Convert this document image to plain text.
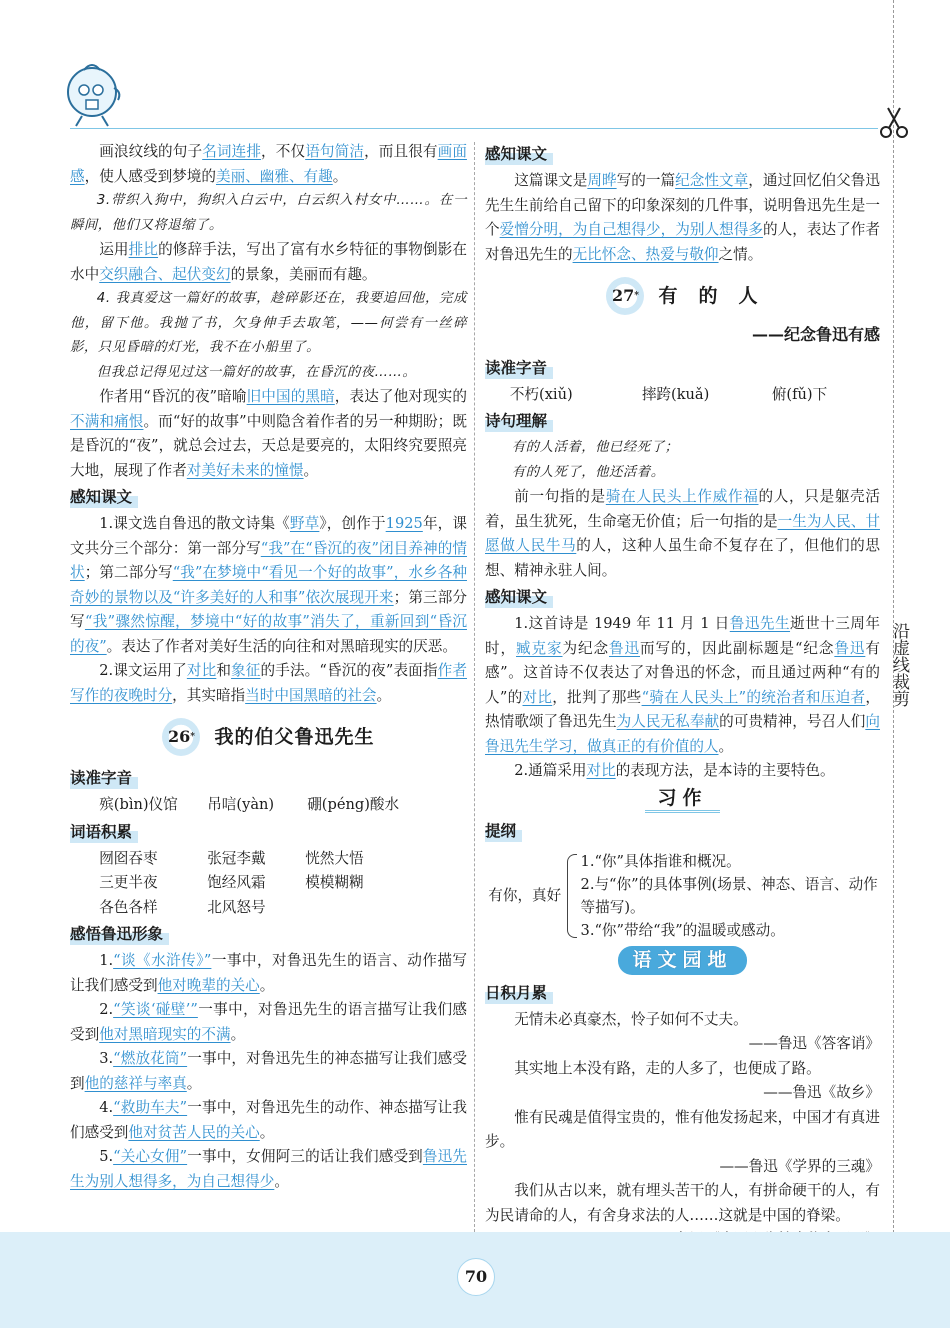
沿虚线裁剪

画浪纹线的句子名词连排，不仅语句简洁，而且很有画面感，使人感受到梦境的美丽、幽雅、有趣。

3.带织入狗中，狗织入白云中，白云织入村女中……。在一瞬间，他们又将退缩了。

运用排比的修辞手法，写出了富有水乡特征的事物倒影在水中交织融合、起伏变幻的景象，美丽而有趣。

4. 我真爱这一篇好的故事，趁碎影还在，我要追回他，完成他，留下他。我抛了书，欠身伸手去取笔，——何尝有一丝碎影，只见昏暗的灯光，我不在小船里了。

但我总记得见过这一篇好的故事，在昏沉的夜……。

作者用“昏沉的夜”暗喻旧中国的黑暗，表达了他对现实的不满和痛恨。而“好的故事”中则隐含着作者的另一种期盼；既是昏沉的“夜”，就总会过去，天总是要亮的，太阳终究要照亮大地，展现了作者对美好未来的憧憬。

感知课文

1.课文选自鲁迅的散文诗集《野草》，创作于1925年，课文共分三个部分：第一部分写“我”在“昏沉的夜”闭目养神的情状；第二部分写“我”在梦境中“看见一个好的故事”，水乡各种奇妙的景物以及“许多美好的人和事”依次展现开来；第三部分写“我”骤然惊醒，梦境中“好的故事”消失了，重新回到“昏沉的夜”。表达了作者对美好生活的向往和对黑暗现实的厌恶。

2.课文运用了对比和象征的手法。“昏沉的夜”表面指作者写作的夜晚时分，其实暗指当时中国黑暗的社会。

26 * 我的伯父鲁迅先生
读准字音
殡(bìn)仪馆	吊唁(yàn)	硼(péng)酸水
词语积累
囫囵吞枣	张冠李戴	恍然大悟
三更半夜	饱经风霜	模模糊糊
各色各样	北风怒号
感悟鲁迅形象

1.“谈《水浒传》”一事中，对鲁迅先生的语言、动作描写让我们感受到他对晚辈的关心。

2.“笑谈‘碰壁’”一事中，对鲁迅先生的语言描写让我们感受到他对黑暗现实的不满。

3.“燃放花筒”一事中，对鲁迅先生的神态描写让我们感受到他的慈祥与率真。

4.“救助车夫”一事中，对鲁迅先生的动作、神态描写让我们感受到他对贫苦人民的关心。

5.“关心女佣”一事中，女佣阿三的话让我们感受到鲁迅先生为别人想得多，为自己想得少。

感知课文

这篇课文是周晔写的一篇纪念性文章，通过回忆伯父鲁迅先生生前给自己留下的印象深刻的几件事，说明鲁迅先生是一个爱憎分明，为自己想得少，为别人想得多的人，表达了作者对鲁迅先生的无比怀念、热爱与敬仰之情。

27 * 有　的　人
——纪念鲁迅有感
读准字音
不朽(xiǔ)	摔跨(kuǎ)	俯(fǔ)下
诗句理解

有的人活着，他已经死了；

有的人死了，他还活着。

前一句指的是骑在人民头上作威作福的人，只是躯壳活着，虽生犹死，生命毫无价值；后一句指的是一生为人民、甘愿做人民牛马的人，这种人虽生命不复存在了，但他们的思想、精神永驻人间。

感知课文

1.这首诗是 1949 年 11 月 1 日鲁迅先生逝世十三周年时，臧克家为纪念鲁迅而写的，因此副标题是“纪念鲁迅有感”。这首诗不仅表达了对鲁迅的怀念，而且通过两种“有的人”的对比，批判了那些“骑在人民头上”的统治者和压迫者，热情歌颂了鲁迅先生为人民无私奉献的可贵精神，号召人们向鲁迅先生学习，做真正的有价值的人。

2.通篇采用对比的表现方法，是本诗的主要特色。

习作
提纲
有你，真好
1.“你”具体指谁和概况。
2.与“你”的具体事例(场景、神态、语言、动作等描写)。
3.“你”带给“我”的温暖或感动。
语文园地
日积月累

无情未必真豪杰，怜子如何不丈夫。

——鲁迅《答客诮》

其实地上本没有路，走的人多了，也便成了路。

——鲁迅《故乡》

惟有民魂是值得宝贵的，惟有他发扬起来，中国才有真进步。

——鲁迅《学界的三魂》

我们从古以来，就有埋头苦干的人，有拼命硬干的人，有为民请命的人，有舍身求法的人……这就是中国的脊梁。

70
